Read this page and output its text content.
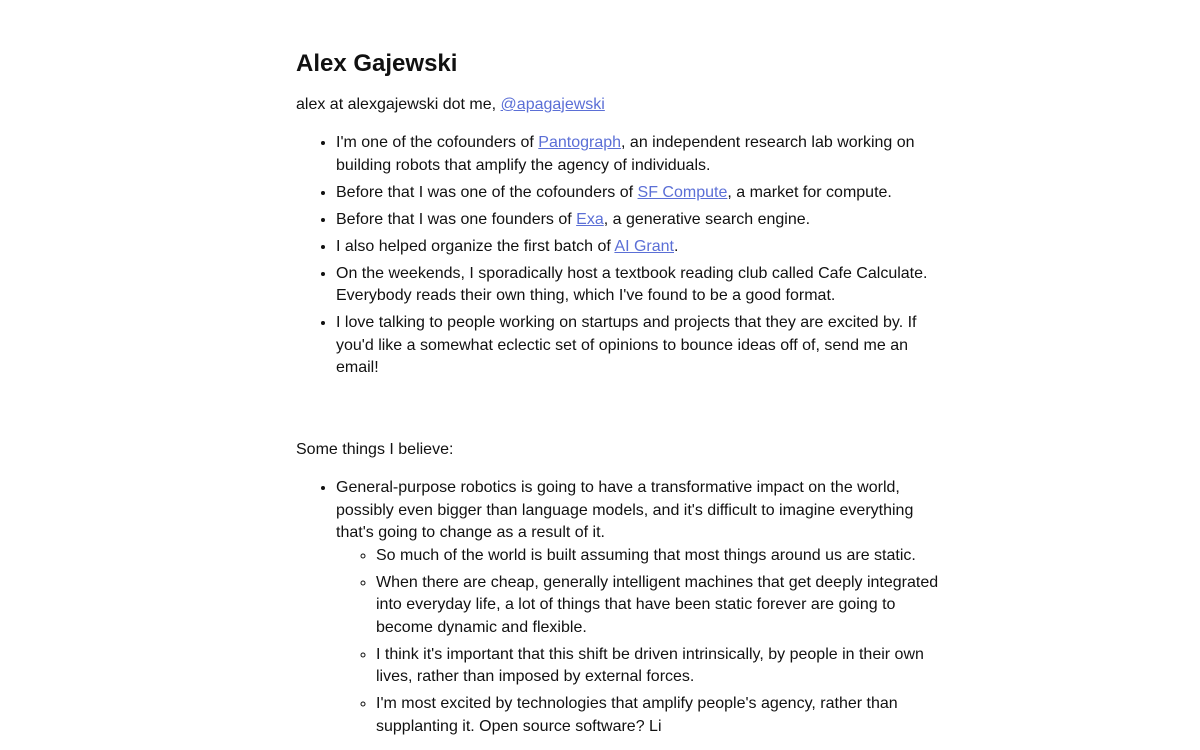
Alex Gajewski

alex at alexgajewski dot me, @apagajewski

• I'm one of the cofounders of Pantograph, an independent research lab working on building robots that amplify the agency of individuals.
• Before that I was one of the cofounders of SF Compute, a market for compute.
• Before that I was one founders of Exa, a generative search engine.
• I also helped organize the first batch of AI Grant.
• On the weekends, I sporadically host a textbook reading club called Cafe Calculate. Everybody reads their own thing, which I've found to be a good format.
• I love talking to people working on startups and projects that they are excited by. If you'd like a somewhat eclectic set of opinions to bounce ideas off of, send me an email!

Some things I believe:

• General-purpose robotics is going to have a transformative impact on the world, possibly even bigger than language models, and it's difficult to imagine everything that's going to change as a result of it.
◦ So much of the world is built assuming that most things around us are static.
◦ When there are cheap, generally intelligent machines that get deeply integrated into everyday life, a lot of things that have been static forever are going to become dynamic and flexible.
◦ I think it's important that this shift be driven intrinsically, by people in their own lives, rather than imposed by external forces.
◦ I'm most excited by technologies that amplify people's agency, rather than supplanting it. Open source software? Li
